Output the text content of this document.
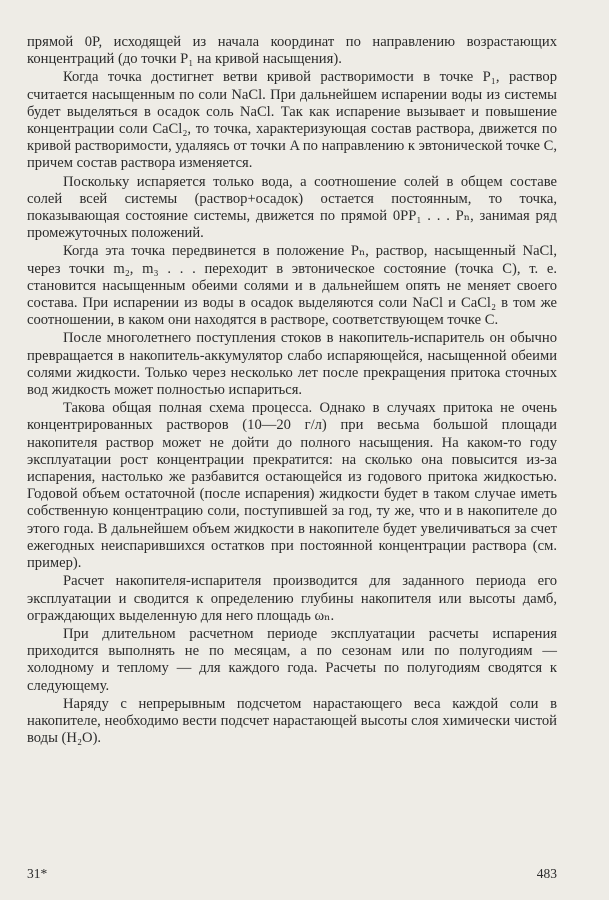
прямой 0P, исходящей из начала координат по направлению возрастающих концентраций (до точки P₁ на кривой насыщения).

Когда точка достигнет ветви кривой растворимости в точке P₁, раствор считается насыщенным по соли NaCl. При дальнейшем испарении воды из системы будет выделяться в осадок соль NaCl. Так как испарение вызывает и повышение концентрации соли CaCl₂, то точка, характеризующая состав раствора, движется по кривой растворимости, удаляясь от точки A по направлению к эвтонической точке C, причем состав раствора изменяется.

Поскольку испаряется только вода, а соотношение солей в общем составе солей всей системы (раствор+осадок) остается постоянным, то точка, показывающая состояние системы, движется по прямой 0PP₁ . . . Pₙ, занимая ряд промежуточных положений.

Когда эта точка передвинется в положение Pₙ, раствор, насыщенный NaCl, через точки m₂, m₃ . . . переходит в эвтоническое состояние (точка C), т. е. становится насыщенным обеими солями и в дальнейшем опять не меняет своего состава. При испарении из воды в осадок выделяются соли NaCl и CaCl₂ в том же соотношении, в каком они находятся в растворе, соответствующем точке C.

После многолетнего поступления стоков в накопитель-испаритель он обычно превращается в накопитель-аккумулятор слабо испаряющейся, насыщенной обеими солями жидкости. Только через несколько лет после прекращения притока сточных вод жидкость может полностью испариться.

Такова общая полная схема процесса. Однако в случаях притока не очень концентрированных растворов (10—20 г/л) при весьма большой площади накопителя раствор может не дойти до полного насыщения. На каком-то году эксплуатации рост концентрации прекратится: на сколько она повысится из-за испарения, настолько же разбавится остающейся из годового притока жидкостью. Годовой объем остаточной (после испарения) жидкости будет в таком случае иметь собственную концентрацию соли, поступившей за год, ту же, что и в накопителе до этого года. В дальнейшем объем жидкости в накопителе будет увеличиваться за счет ежегодных неиспарившихся остатков при постоянной концентрации раствора (см. пример).

Расчет накопителя-испарителя производится для заданного периода его эксплуатации и сводится к определению глубины накопителя или высоты дамб, ограждающих выделенную для него площадь ωₙ.

При длительном расчетном периоде эксплуатации расчеты испарения приходится выполнять не по месяцам, а по сезонам или по полугодиям — холодному и теплому — для каждого года. Расчеты по полугодиям сводятся к следующему.

Наряду с непрерывным подсчетом нарастающего веса каждой соли в накопителе, необходимо вести подсчет нарастающей высоты слоя химически чистой воды (H₂O).

31*	483
